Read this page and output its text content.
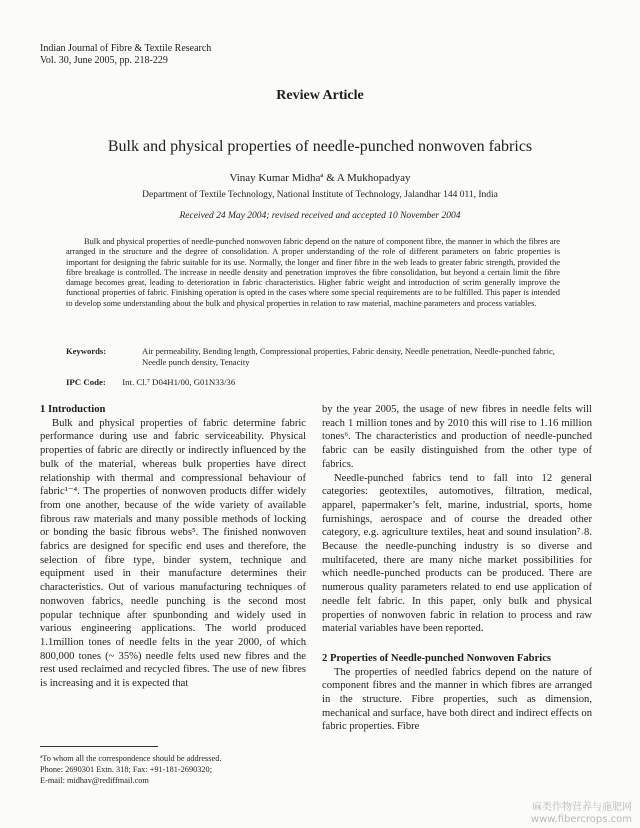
Indian Journal of Fibre & Textile Research
Vol. 30, June 2005, pp. 218-229
Review Article
Bulk and physical properties of needle-punched nonwoven fabrics
Vinay Kumar Midhaª & A Mukhopadyay
Department of Textile Technology, National Institute of Technology, Jalandhar 144 011, India
Received 24 May 2004; revised received and accepted 10 November 2004
Bulk and physical properties of needle-punched nonwoven fabric depend on the nature of component fibre, the manner in which the fibres are arranged in the structure and the degree of consolidation. A proper understanding of the role of different parameters on fabric properties is important for designing the fabric suitable for its use. Normally, the longer and finer fibre in the web leads to greater fabric strength, provided the fibre breakage is controlled. The increase in needle density and penetration improves the fibre consolidation, but beyond a certain limit the fibre damage becomes great, leading to deterioration in fabric characteristics. Higher fabric weight and introduction of scrim generally improve the functional properties of fabric. Finishing operation is opted in the cases where some special requirements are to be fulfilled. This paper is intended to develop some understanding about the bulk and physical properties in relation to raw material, machine parameters and process variables.
Keywords:	Air permeability, Bending length, Compressional properties, Fabric density, Needle penetration, Needle-punched fabric, Needle punch density, Tenacity
IPC Code: Int. Cl.⁷ D04H1/00, G01N33/36
1 Introduction

Bulk and physical properties of fabric determine fabric performance during use and fabric serviceability. Physical properties of fabric are directly or indirectly influenced by the bulk of the material, whereas bulk properties have direct relationship with thermal and compressional behaviour of fabric¹⁻⁴. The properties of nonwoven products differ widely from one another, because of the wide variety of available fibrous raw materials and many possible methods of locking or bonding the basic fibrous webs⁵. The finished nonwoven fabrics are designed for specific end uses and therefore, the selection of fibre type, binder system, technique and equipment used in their manufacture determines their characteristics. Out of various manufacturing techniques of nonwoven fabrics, needle punching is the second most popular technique after spunbonding and widely used in various engineering applications. The world produced 1.1million tones of needle felts in the year 2000, of which 800,000 tones (~ 35%) needle felts used new fibres and the rest used reclaimed and recycled fibres. The use of new fibres is increasing and it is expected that

by the year 2005, the usage of new fibres in needle felts will reach 1 million tones and by 2010 this will rise to 1.16 million tones⁶. The characteristics and production of needle-punched fabric can be easily distinguished from the other type of fabrics.

Needle-punched fabrics tend to fall into 12 general categories: geotextiles, automotives, filtration, medical, apparel, papermaker’s felt, marine, industrial, sports, home furnishings, aerospace and of course the dreaded other category, e.g. agriculture textiles, heat and sound insulation⁷˒8. Because the needle-punching industry is so diverse and multifaceted, there are many niche market possibilities for which needle-punched products can be produced. There are numerous quality parameters related to end use application of needle felt fabric. In this paper, only bulk and physical properties of nonwoven fabric in relation to process and raw material variables have been reported.

2 Properties of Needle-punched Nonwoven Fabrics

The properties of needled fabrics depend on the nature of component fibres and the manner in which fibres are arranged in the structure. Fibre properties, such as dimension, mechanical and surface, have both direct and indirect effects on fabric properties. Fibre

ªTo whom all the correspondence should be addressed.
Phone: 2690301 Extn. 318; Fax: +91-181-2690320;
E-mail: midhav@rediffmail.com
麻类作物营养与施肥网
www.fibercrops.com
